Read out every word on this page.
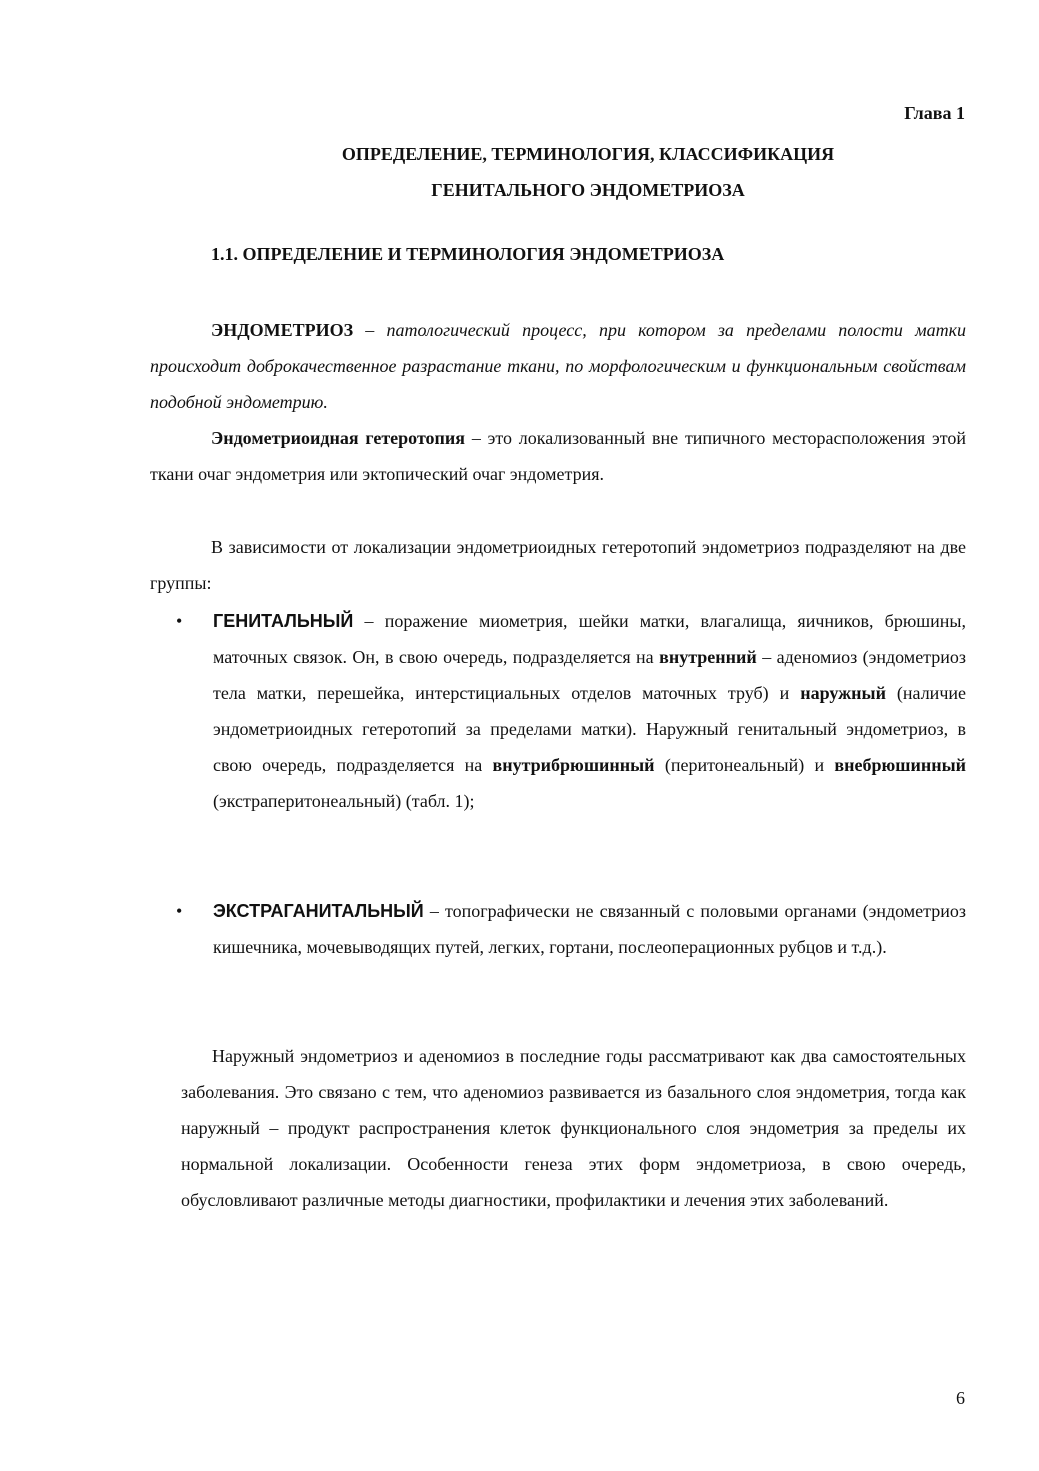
Глава 1

ОПРЕДЕЛЕНИЕ, ТЕРМИНОЛОГИЯ, КЛАССИФИКАЦИЯ
ГЕНИТАЛЬНОГО ЭНДОМЕТРИОЗА
1.1. ОПРЕДЕЛЕНИЕ И ТЕРМИНОЛОГИЯ ЭНДОМЕТРИОЗА

ЭНДОМЕТРИОЗ – патологический процесс, при котором за пределами полости матки происходит доброкачественное разрастание ткани, по морфологическим и функциональным свойствам подобной эндометрию.

Эндометриоидная гетеротопия – это локализованный вне типичного месторасположения этой ткани очаг эндометрия или эктопический очаг эндометрия.

В зависимости от локализации эндометриоидных гетеротопий эндометриоз подразделяют на две группы:

• ГЕНИТАЛЬНЫЙ – поражение миометрия, шейки матки, влагалища, яичников, брюшины, маточных связок. Он, в свою очередь, подразделяется на внутренний – аденомиоз (эндометриоз тела матки, перешейка, интерстициальных отделов маточных труб) и наружный (наличие эндометриоидных гетеротопий за пределами матки). Наружный генитальный эндометриоз, в свою очередь, подразделяется на внутрибрюшинный (перитонеальный) и внебрюшинный (экстраперитонеальный) (табл. 1);

• ЭКСТРАГАНИТАЛЬНЫЙ – топографически не связанный с половыми органами (эндометриоз кишечника, мочевыводящих путей, легких, гортани, послеоперационных рубцов и т.д.).

Наружный эндометриоз и аденомиоз в последние годы рассматривают как два самостоятельных заболевания. Это связано с тем, что аденомиоз развивается из базального слоя эндометрия, тогда как наружный – продукт распространения клеток функционального слоя эндометрия за пределы их нормальной локализации. Особенности генеза этих форм эндометриоза, в свою очередь, обусловливают различные методы диагностики, профилактики и лечения этих заболеваний.

6
